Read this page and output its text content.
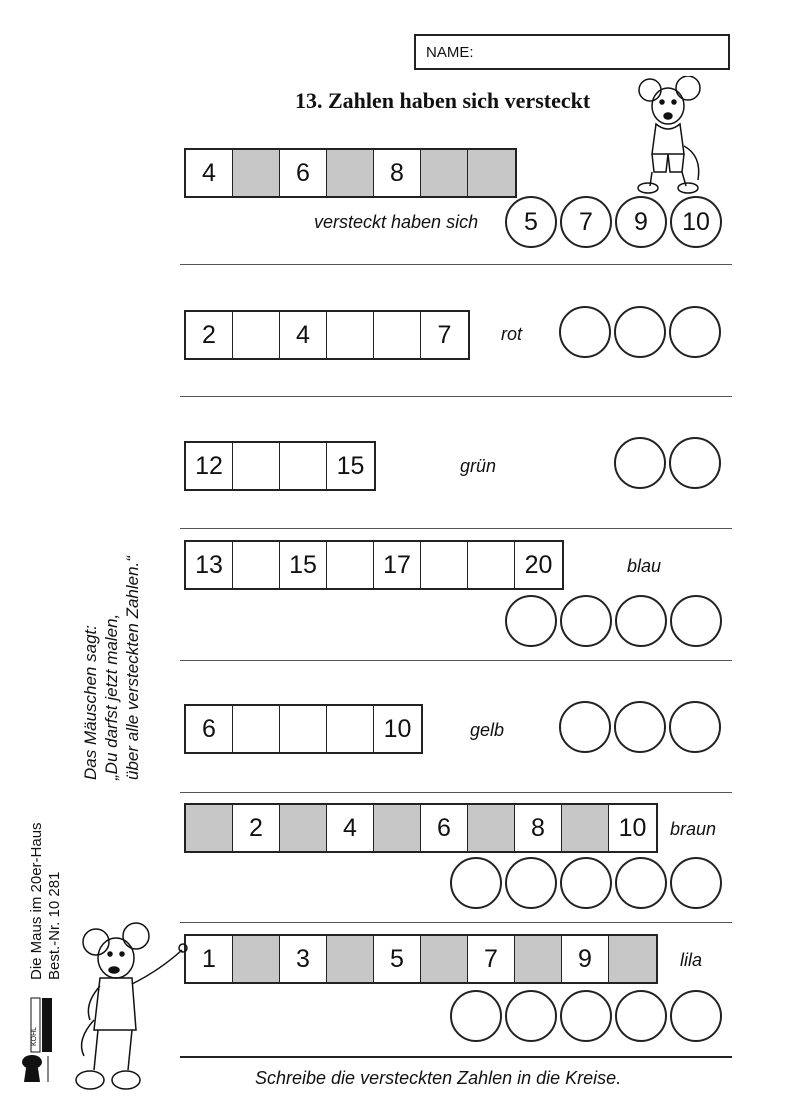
NAME:
13. Zahlen haben sich versteckt
4	6	8
versteckt haben sich	5	7	9	10
2	4	7	rot
12	15	grün
13	15	17	20	blau
6	10	gelb
2	4	6	8	10	braun
1	3	5	7	9	lila
Schreibe die versteckten Zahlen in die Kreise.
Das Mäuschen sagt: „Du darfst jetzt malen, über alle versteckten Zahlen.“
Die Maus im 20er-Haus Best.-Nr. 10 281
KOHL
